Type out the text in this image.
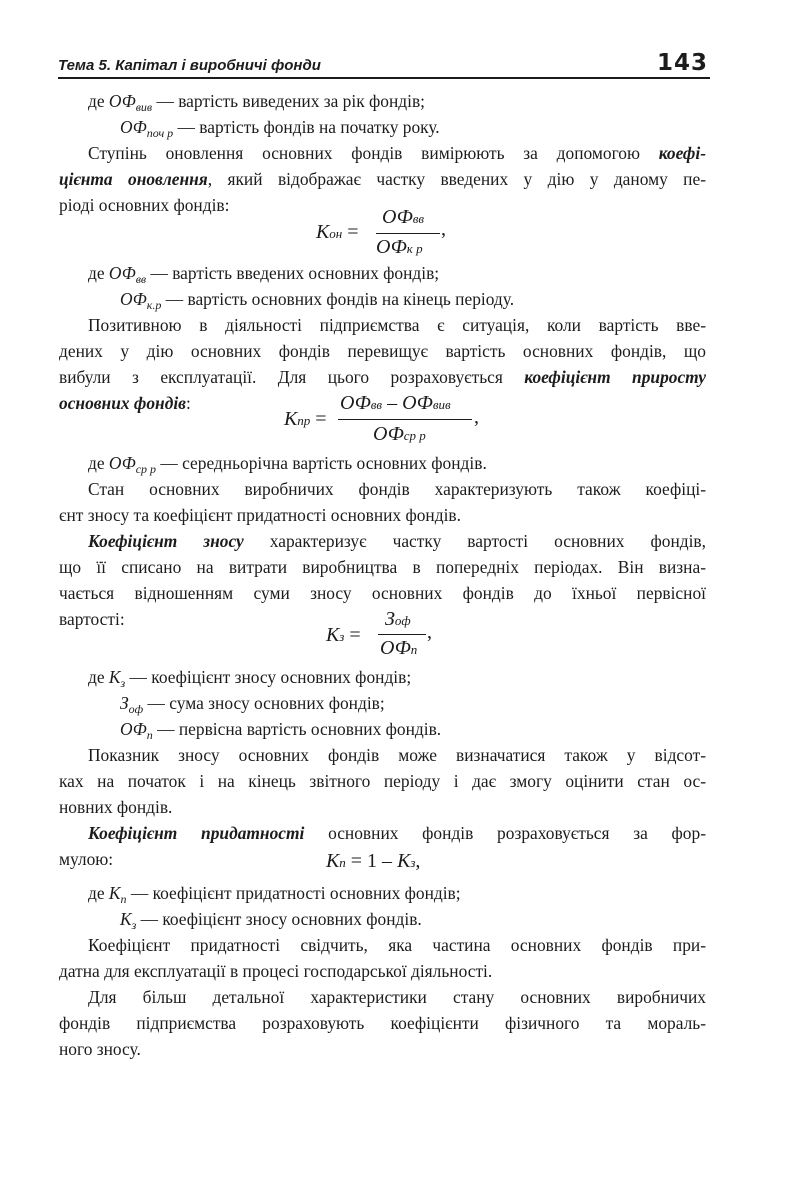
Тема 5. Капітал і виробничі фонди	143
де $ОФ_{вив}$ — вартість виведених за рік фондів;
$ОФ_{поч р}$ — вартість фондів на початку року.
Ступінь оновлення основних фондів вимірюють за допомогою коефі-
цієнта оновлення, який відображає частку введених у дію у даному пе-
ріоді основних фондів:
ОФвв
Кон =	,
ОФк р
де $ОФ_{вв}$ — вартість введених основних фондів;
$ОФ_{к.р}$ — вартість основних фондів на кінець періоду.
Позитивною в діяльності підприємства є ситуація, коли вартість вве-
дених у дію основних фондів перевищує вартість основних фондів, що
вибули з експлуатації. Для цього розраховується коефіцієнт приросту
основних фондів:	ОФвв – ОФвив
Кпр =	,
ОФср р
де $ОФ_{ср р}$ — середньорічна вартість основних фондів.
Стан основних виробничих фондів характеризують також коефіці-
єнт зносу та коефіцієнт придатності основних фондів.
Коефіцієнт зносу характеризує частку вартості основних фондів,
що її списано на витрати виробництва в попередніх періодах. Він визна-
чається відношенням суми зносу основних фондів до їхньої первісної
вартості:	Зоф
Кз =	,
ОФп
де $К_з$ — коефіцієнт зносу основних фондів;
$З_{оф}$ — сума зносу основних фондів;
$ОФ_п$ — первісна вартість основних фондів.
Показник зносу основних фондів може визначатися також у відсот-
ках на початок і на кінець звітного періоду і дає змогу оцінити стан ос-
новних фондів.
Коефіцієнт придатності основних фондів розраховується за фор-
мулою:	Кп = 1 – Кз,
де $К_п$ — коефіцієнт придатності основних фондів;
$К_з$ — коефіцієнт зносу основних фондів.
Коефіцієнт придатності свідчить, яка частина основних фондів при-
датна для експлуатації в процесі господарської діяльності.
Для більш детальної характеристики стану основних виробничих
фондів підприємства розраховують коефіцієнти фізичного та мораль-
ного зносу.
